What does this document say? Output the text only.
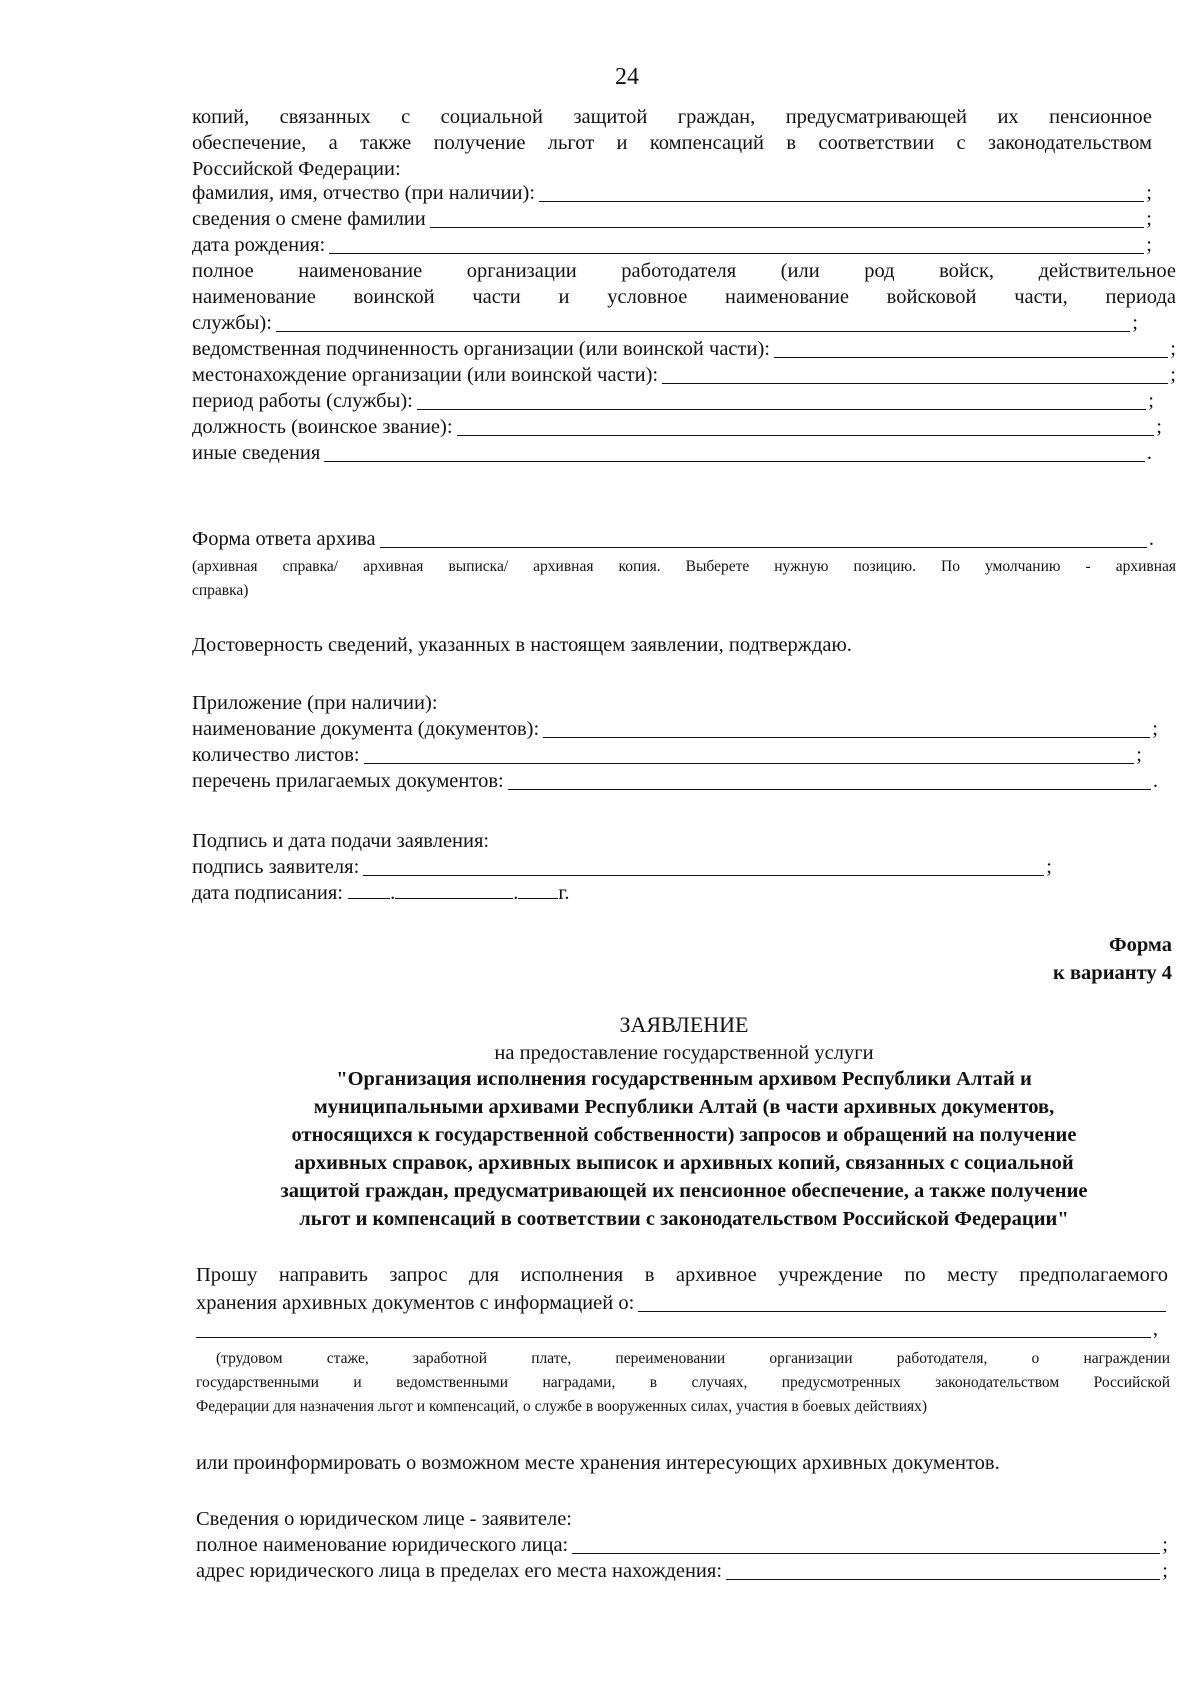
24
копий, связанных с социальной защитой граждан, предусматривающей их пенсионное
обеспечение, а также получение льгот и компенсаций в соответствии с законодательством
Российской Федерации:
фамилия, имя, отчество (при наличии):	;
сведения о смене фамилии	;
дата рождения:	;
полное наименование организации работодателя (или род войск, действительное
наименование воинской части и условное наименование войсковой части, периода
службы):	;
ведомственная подчиненность организации (или воинской части):	;
местонахождение организации (или воинской части):	;
период работы (службы):	;
должность (воинское звание):	;
иные сведения	.
Форма ответа архива	.
(архивная справка/ архивная выписка/ архивная копия. Выберете нужную позицию. По умолчанию - архивная
справка)
Достоверность сведений, указанных в настоящем заявлении, подтверждаю.
Приложение (при наличии):
наименование документа (документов):	;
количество листов:	;
перечень прилагаемых документов:	.
Подпись и дата подачи заявления:
подпись заявителя:	;
дата подписания: .	. г.
Форма
к варианту 4
ЗАЯВЛЕНИЕ
на предоставление государственной услуги
"Организация исполнения государственным архивом Республики Алтай и
муниципальными архивами Республики Алтай (в части архивных документов,
относящихся к государственной собственности) запросов и обращений на получение
архивных справок, архивных выписок и архивных копий, связанных с социальной
защитой граждан, предусматривающей их пенсионное обеспечение, а также получение
льгот и компенсаций в соответствии с законодательством Российской Федерации"
Прошу направить запрос для исполнения в архивное учреждение по месту предполагаемого
хранения архивных документов с информацией о:
,
(трудовом стаже, заработной плате, переименовании организации работодателя, о награждении
государственными и ведомственными наградами, в случаях, предусмотренных законодательством Российской
Федерации для назначения льгот и компенсаций, о службе в вооруженных силах, участия в боевых действиях)
или проинформировать о возможном месте хранения интересующих архивных документов.
Сведения о юридическом лице - заявителе:
полное наименование юридического лица:	;
адрес юридического лица в пределах его места нахождения:	;
